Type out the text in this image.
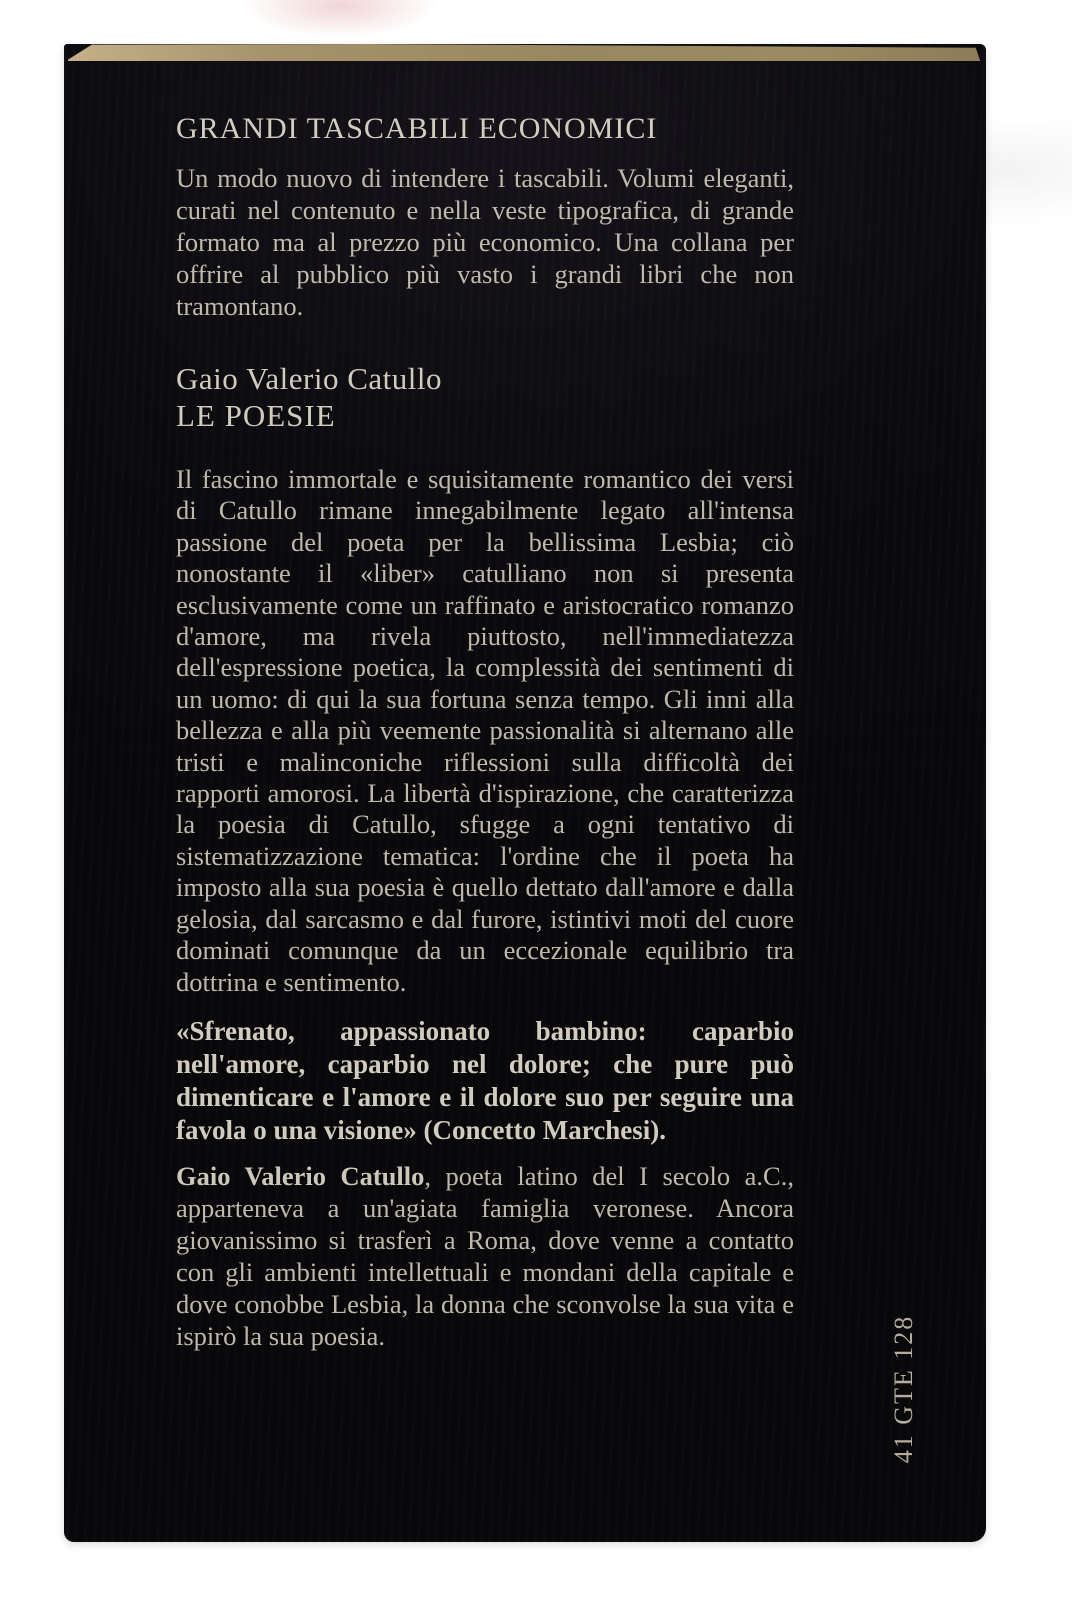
GRANDI TASCABILI ECONOMICI

Un modo nuovo di intendere i tascabili. Volumi eleganti, curati nel contenuto e nella veste tipografica, di grande formato ma al prezzo più economico. Una collana per offrire al pubblico più vasto i grandi libri che non tramontano.

Gaio Valerio Catullo
LE POESIE

Il fascino immortale e squisitamente romantico dei versi di Catullo rimane innegabilmente legato all'intensa passione del poeta per la bellissima Lesbia; ciò nonostante il «liber» catulliano non si presenta esclusivamente come un raffinato e aristocratico romanzo d'amore, ma rivela piuttosto, nell'immediatezza dell'espressione poetica, la complessità dei sentimenti di un uomo: di qui la sua fortuna senza tempo. Gli inni alla bellezza e alla più veemente passionalità si alternano alle tristi e malinconiche riflessioni sulla difficoltà dei rapporti amorosi. La libertà d'ispirazione, che caratterizza la poesia di Catullo, sfugge a ogni tentativo di sistematizzazione tematica: l'ordine che il poeta ha imposto alla sua poesia è quello dettato dall'amore e dalla gelosia, dal sarcasmo e dal furore, istintivi moti del cuore dominati comunque da un eccezionale equilibrio tra dottrina e sentimento.

«Sfrenato, appassionato bambino: caparbio nell'amore, caparbio nel dolore; che pure può dimenticare e l'amore e il dolore suo per seguire una favola o una visione» (Concetto Marchesi).

Gaio Valerio Catullo, poeta latino del I secolo a.C., apparteneva a un'agiata famiglia veronese. Ancora giovanissimo si trasferì a Roma, dove venne a contatto con gli ambienti intellettuali e mondani della capitale e dove conobbe Lesbia, la donna che sconvolse la sua vita e ispirò la sua poesia.	41 GTE 128
